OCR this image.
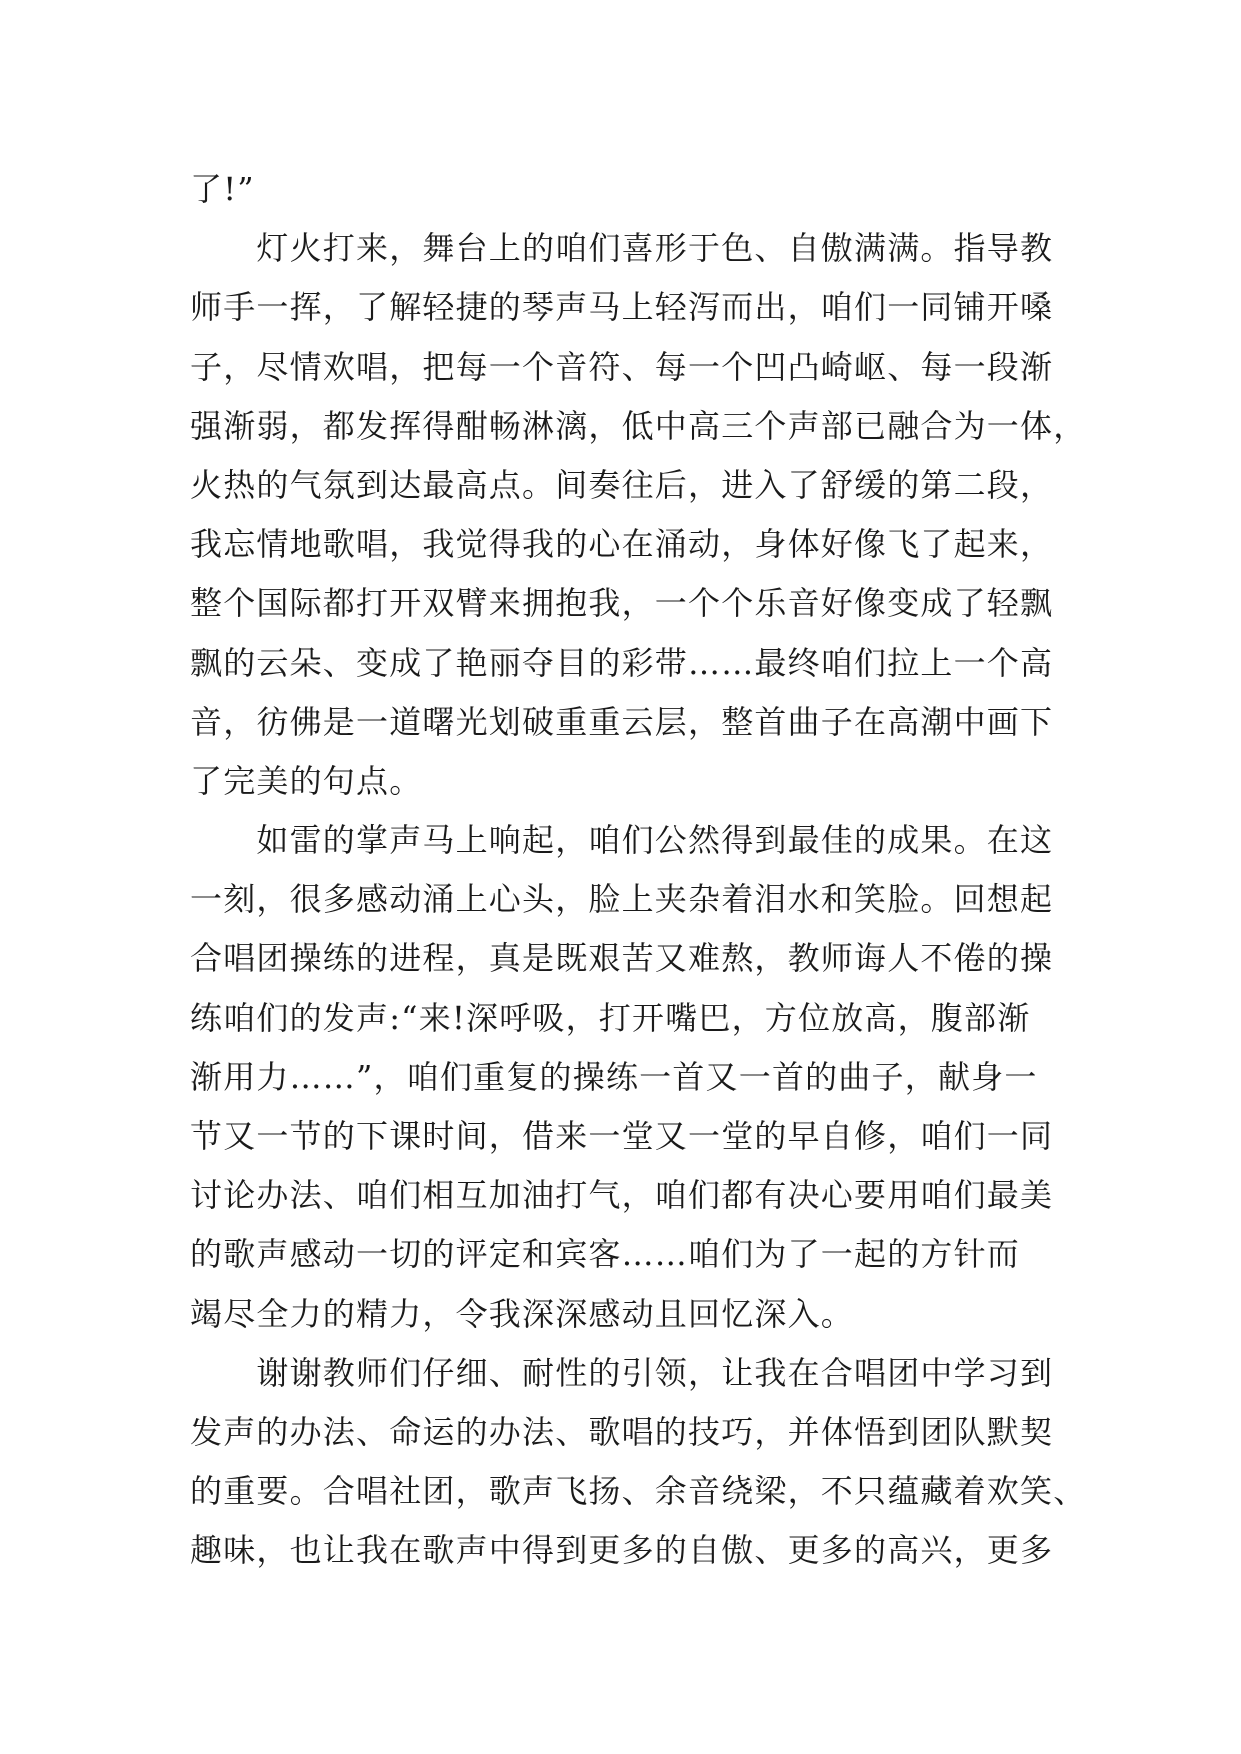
了!”
　　灯火打来，舞台上的咱们喜形于色、自傲满满。指导教
师手一挥，了解轻捷的琴声马上轻泻而出，咱们一同铺开嗓
子，尽情欢唱，把每一个音符、每一个凹凸崎岖、每一段渐
强渐弱，都发挥得酣畅淋漓，低中高三个声部已融合为一体，
火热的气氛到达最高点。间奏往后，进入了舒缓的第二段，
我忘情地歌唱，我觉得我的心在涌动，身体好像飞了起来，
整个国际都打开双臂来拥抱我，一个个乐音好像变成了轻飘
飘的云朵、变成了艳丽夺目的彩带……最终咱们拉上一个高
音，彷佛是一道曙光划破重重云层，整首曲子在高潮中画下
了完美的句点。
　　如雷的掌声马上响起，咱们公然得到最佳的成果。在这
一刻，很多感动涌上心头，脸上夹杂着泪水和笑脸。回想起
合唱团操练的进程，真是既艰苦又难熬，教师诲人不倦的操
练咱们的发声:“来!深呼吸，打开嘴巴，方位放高，腹部渐
渐用力……”，咱们重复的操练一首又一首的曲子，献身一
节又一节的下课时间，借来一堂又一堂的早自修，咱们一同
讨论办法、咱们相互加油打气，咱们都有决心要用咱们最美
的歌声感动一切的评定和宾客……咱们为了一起的方针而
竭尽全力的精力，令我深深感动且回忆深入。
　　谢谢教师们仔细、耐性的引领，让我在合唱团中学习到
发声的办法、命运的办法、歌唱的技巧，并体悟到团队默契
的重要。合唱社团，歌声飞扬、余音绕梁，不只蕴藏着欢笑、
趣味，也让我在歌声中得到更多的自傲、更多的高兴，更多
